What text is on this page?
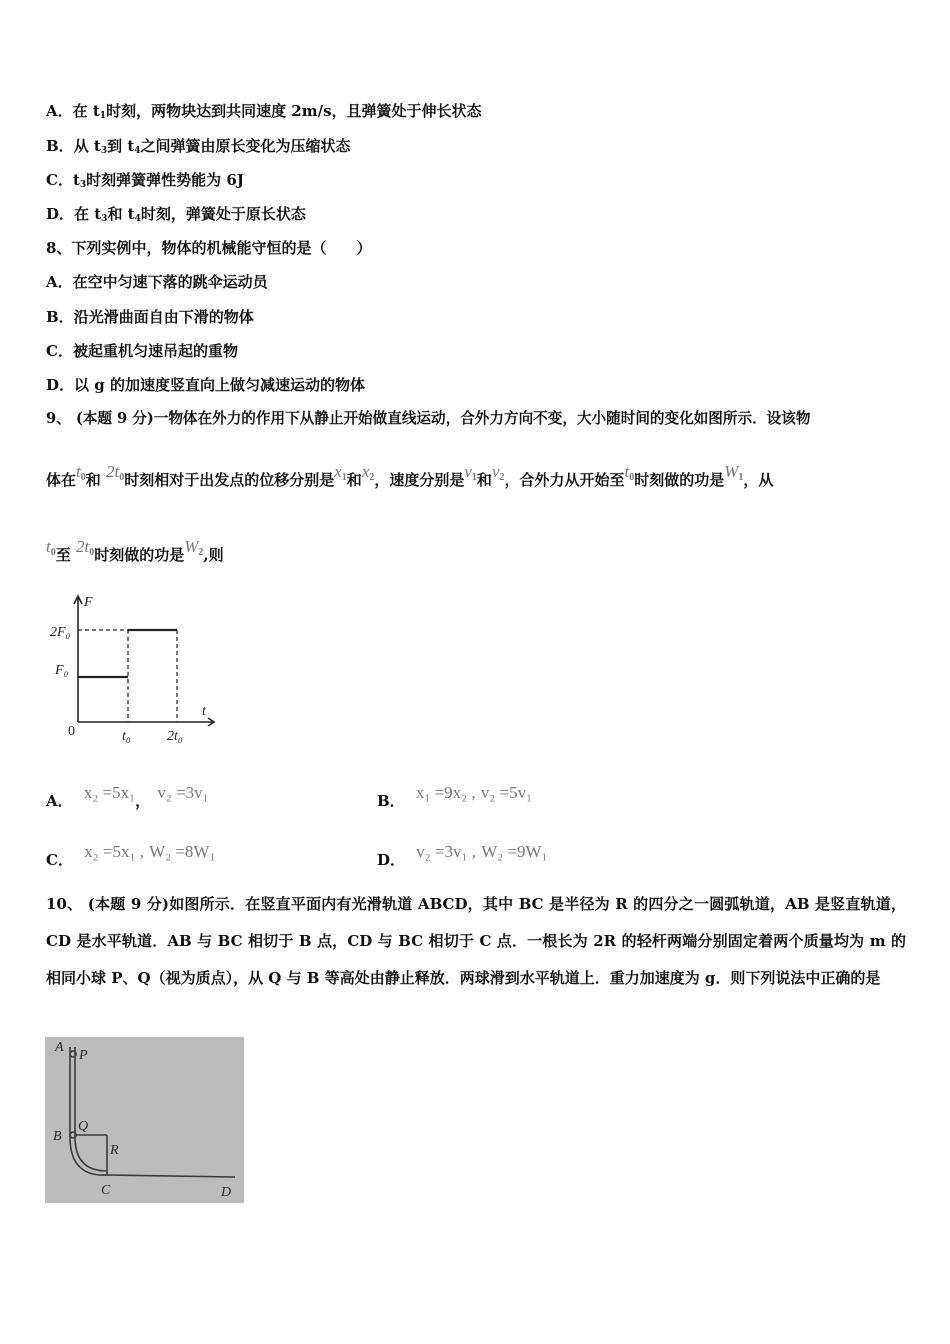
A．在 $t_1$时刻，两物块达到共同速度 2m/s，且弹簧处于伸长状态
B．从 $t_3$到 $t_4$之间弹簧由原长变化为压缩状态
C．$t_3$时刻弹簧弹性势能为 6J
D．在 $t_3$和 $t_4$时刻，弹簧处于原长状态
8、下列实例中，物体的机械能守恒的是（　　）
A．在空中匀速下落的跳伞运动员
B．沿光滑曲面自由下滑的物体
C．被起重机匀速吊起的重物
D．以 g 的加速度竖直向上做匀减速运动的物体
9、 (本题 9 分)一物体在外力的作用下从静止开始做直线运动，合外力方向不变，大小随时间的变化如图所示．设该物
体在$t_0$和 $2t_0$时刻相对于出发点的位移分别是$x_1$和$x_2$，速度分别是$v_1$和$v_2$，合外力从开始至$t_0$时刻做的功是$W_1$，从
$t_0$至 $2t_0$时刻做的功是$W_2$,则
F
t
2F₀
F₀
0	t₀	2t₀
A． x₂ =5x₁， v₂ =3v₁	B． x₁ =9x₂ , v₂ =5v₁
C． x₂ =5x₁ , W₂ =8W₁	D． v₂ =3v₁ , W₂ =9W₁
10、 (本题 9 分)如图所示．在竖直平面内有光滑轨道 ABCD，其中 BC 是半径为 R 的四分之一圆弧轨道，AB 是竖直轨道，CD 是水平轨道．AB 与 BC 相切于 B 点，CD 与 BC 相切于 C 点．一根长为 2R 的轻杆两端分别固定着两个质量均为 m 的相同小球 P、Q（视为质点），从 Q 与 B 等高处由静止释放．两球滑到水平轨道上．重力加速度为 g．则下列说法中正确的是
A
P
Q
B
R
C	D
